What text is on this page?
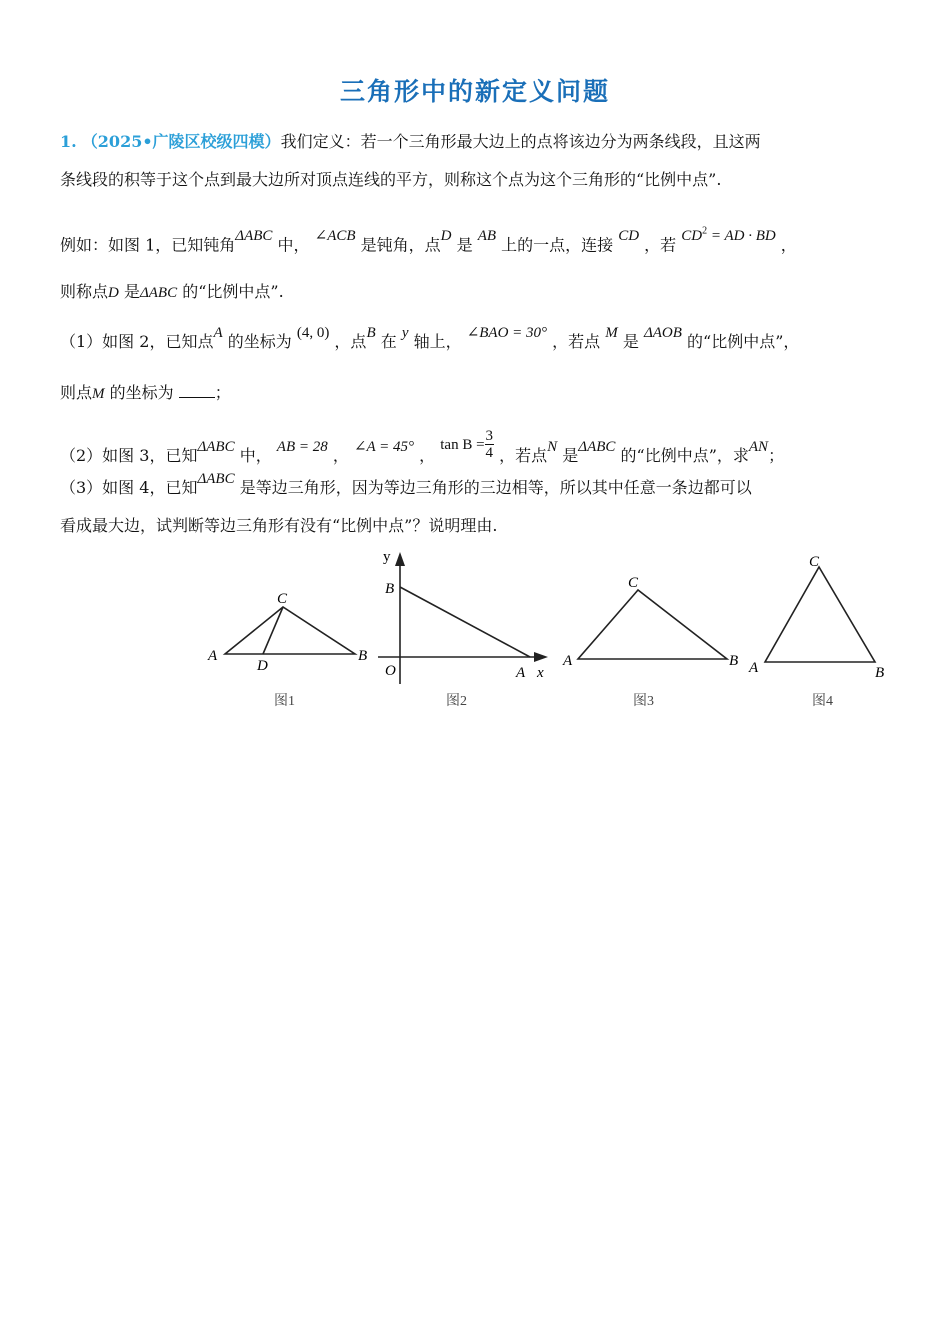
三角形中的新定义问题
1. （2025•广陵区校级四模）我们定义：若一个三角形最大边上的点将该边分为两条线段，且这两
条线段的积等于这个点到最大边所对顶点连线的平方，则称这个点为这个三角形的“比例中点”.
例如：如图 1，已知钝角ΔABC 中， ∠ACB 是钝角，点D 是 AB 上的一点，连接 CD ，若 $CD^2$ = AD · BD ，
则称点D 是ΔABC 的“比例中点”.
（1）如图 2，已知点A 的坐标为 (4, 0) ，点B 在 y 轴上， ∠BAO = 30° ，若点 M 是 ΔAOB 的“比例中点”，
则点M 的坐标为	；
（2）如图 3，已知ΔABC 中， AB = 28 ， ∠A = 45° ， $\tan B = \frac{3}{4}$ ，若点N 是ΔABC 的“比例中点”，求AN；
（3）如图 4，已知ΔABC 是等边三角形，因为等边三角形的三边相等，所以其中任意一条边都可以
看成最大边，试判断等边三角形有没有“比例中点”？说明理由.
A	B
C
D
图1
y
B
O	A x
图2
A	B
C
图3
A	B
C
图4
